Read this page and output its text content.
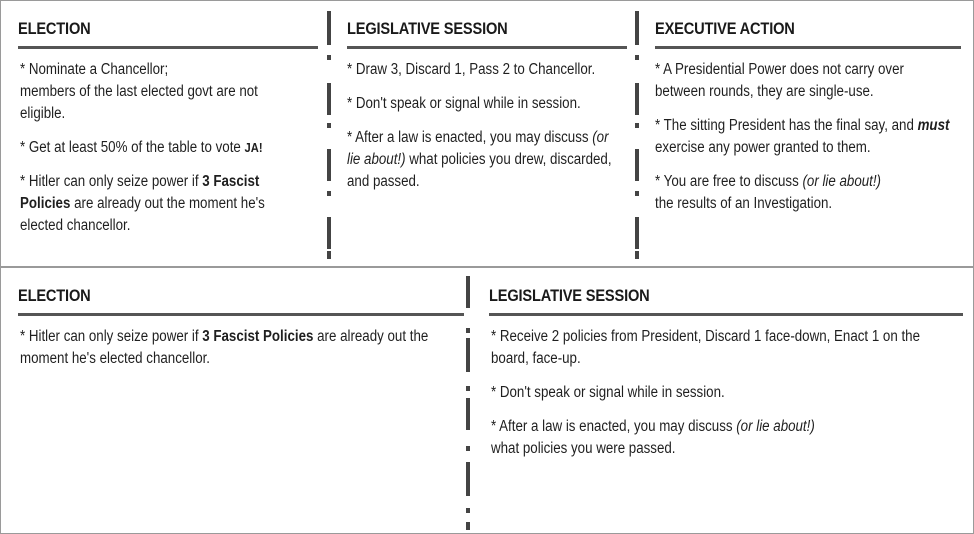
ELECTION

* Nominate a Chancellor;
members of the last elected govt are not eligible.

* Get at least 50% of the table to vote JA!

* Hitler can only seize power if 3 Fascist Policies are already out the moment he's elected chancellor.

LEGISLATIVE SESSION

* Draw 3, Discard 1, Pass 2 to Chancellor.

* Don't speak or signal while in session.

* After a law is enacted, you may discuss (or lie about!) what policies you drew, discarded, and passed.

EXECUTIVE ACTION

* A Presidential Power does not carry over between rounds, they are single-use.

* The sitting President has the final say, and must exercise any power granted to them.

* You are free to discuss (or lie about!)
the results of an Investigation.

ELECTION

* Hitler can only seize power if 3 Fascist Policies are already out the moment he's elected chancellor.

LEGISLATIVE SESSION

* Receive 2 policies from President, Discard 1 face-down, Enact 1 on the board, face-up.

* Don't speak or signal while in session.

* After a law is enacted, you may discuss (or lie about!)
what policies you were passed.
